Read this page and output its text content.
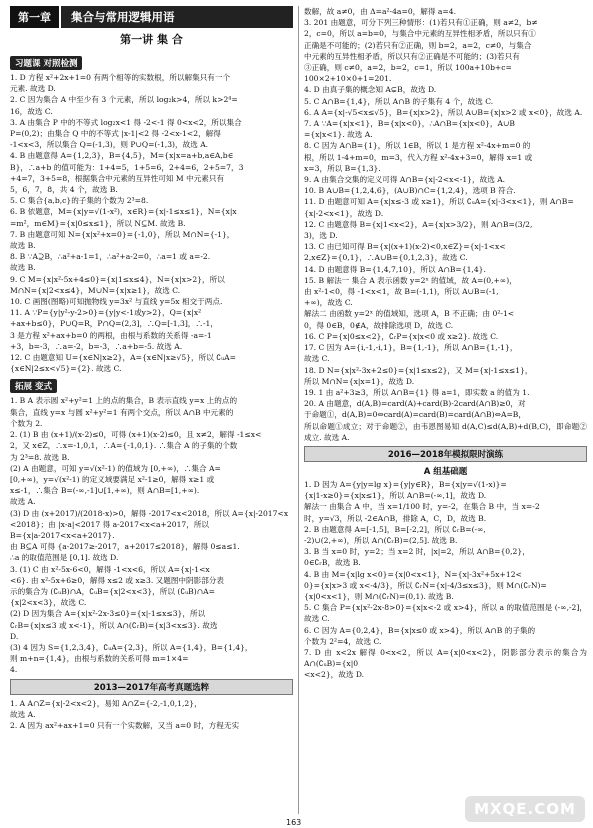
第一章	集合与常用逻辑用语
第一讲 集 合
习题课 对照检测

1. D 方程 x²+2x+1=0 有两个相等的实数根，所以解集只有一个

元素. 故选 D.

2. C 因为集合 A 中至少有 3 个元素，所以 log₂k>4，所以 k>2⁴=

16，故选 C.

3. A 由集合 P 中的不等式 log₂x<1 得 -2<-1 得 0<x<2，所以集合

P=(0,2)；由集合 Q 中的不等式 |x-1|<2 得 -2<x-1<2，解得

-1<x<3，所以集合 Q=(-1,3)，则 P∪Q=(-1,3)，故选 A.

4. B 由题意得 A={1,2,3}，B={4,5}，M={x|x=a+b,a∈A,b∈

B}，∴a+b 的值可能为：1+4=5，1+5=6，2+4=6，2+5=7，3

+4=7，3+5=8，根据集合中元素的互异性可知 M 中元素只有

5，6，7，8，共 4 个，故选 B.

5. C 集合{a,b,c}的子集的个数为 2³=8.

6. B 依题意，M={x|y=√(1-x²)，x∈R}={x|-1≤x≤1}，N={x|x

=m²，m∈M}={x|0≤x≤1}，所以 N⊆M. 故选 B.

7. B 由题意可知 N={x|x²+x=0}={-1,0}，所以 M∩N={-1}，

故选 B.

8. B ∵A⊇B，∴a²+a-1=1，∴a²+a-2=0，∴a=1 或 a=-2.

故选 B.

9. C M={x|x²-5x+4≤0}={x|1≤x≤4}，N={x|x>2}，所以

M∩N={x|2<x≤4}，M∪N={x|x≥1}，故选 C.

10. C 画图(图略)可知抛物线 y=3x² 与直线 y=5x 相交于两点.

11. A ∵P={y|y²-y-2>0}={y|y<-1或y>2}，Q={x|x²

+ax+b≤0}，P∪Q=R，P∩Q=(2,3]，∴Q=[-1,3]，∴-1，

3 是方程 x²+ax+b=0 的两根，由根与系数的关系得 -a=-1

+3，b=-3，∴a=-2，b=-3，∴a+b=-5. 故选 A.

12. C 由题意知 U={x∈N|x≥2}，A={x∈N|x≥√5}，所以 ∁ᵤA=

{x∈N|2≤x<√5}={2}. 故选 C.

拓展 变式

1. B A 表示圆 x²+y²=1 上的点的集合，B 表示直线 y=x 上的点的

集合，直线 y=x 与圆 x²+y²=1 有两个交点，所以 A∩B 中元素的

个数为 2.

2. (1) B 由 (x+1)/(x-2)≤0，可得 (x+1)(x-2)≤0，且 x≠2，解得 -1≤x<

2，又 x∈Z，∴x=-1,0,1，∴A={-1,0,1}. ∴集合 A 的子集的个数

为 2³=8. 故选 B.

(2) A 由题意，可知 y=√(x²-1) 的值域为 [0,+∞)，∴集合 A=

[0,+∞)，y=√(x²-1) 的定义域要满足 x²-1≥0，解得 x≥1 或

x≤-1，∴集合 B=(-∞,-1]∪[1,+∞)，则 A∩B=[1,+∞).

故选 A.

(3) D 由 (x+2017)/(2018-x)>0，解得 -2017<x<2018，所以 A={x|-2017<x

<2018}；由 |x-a|<2017 得 a-2017<x<a+2017，所以

B={x|a-2017<x<a+2017}.

由 B⊆A 可得 {a-2017≥-2017，a+2017≤2018}，解得 0≤a≤1.

∴a 的取值范围是 [0,1]. 故选 D.

3. (1) C 由 x²-5x-6<0，解得 -1<x<6，所以 A={x|-1<x

<6}. 由 x²-5x+6≥0，解得 x≤2 或 x≥3. 又题图中阴影部分表

示的集合为 (∁ᵤB)∩A，∁ᵤB={x|2<x<3}，所以 (∁ᵤB)∩A=

{x|2<x<3}，故选 C.

(2) D 因为集合 A={x|x²-2x-3≤0}={x|-1≤x≤3}，所以

∁ᵣB={x|x≤3 或 x<-1}，所以 A∩(∁ᵣB)={x|3<x≤3}. 故选

D.

(3) 4 因为 S={1,2,3,4}，∁ᵤA={2,3}，所以 A={1,4}，B={1,4}，

则 m+n={1,4}，由根与系数的关系可得 m=1×4=

4.

2013—2017年高考真题选粹

1. A A∩Z={x|-2<x<2}，易知 A∩Z={-2,-1,0,1,2}，

故选 A.

2. A 因为 ax²+ax+1=0 只有一个实数解，又当 a=0 时，方程无实

数解，故 a≠0，由 Δ=a²-4a=0，解得 a=4.

3. 201 由题意，可分下列三种情形：(1)若只有①正确，则 a≠2，b≠

2，c=0，所以 a=b=0，与集合中元素的互异性相矛盾，所以只有①

正确是不可能的；(2)若只有②正确，则 b=2，a=2，c≠0，与集合

中元素的互异性相矛盾，所以只有②正确是不可能的；(3)若只有

③正确，则 c≠0，a=2，b=2，c=1，所以 100a+10b+c=

100×2+10×0+1=201.

4. D 由真子集的概念知 A⊊B，故选 D.

5. C A∩B={1,4}，所以 A∩B 的子集有 4 个，故选 C.

6. A A={x|-√5<x≤√5}，B={x|x>2}，所以 A∪B={x|x>2 或 x<0}，故选 A.

7. A ∵A={x|x<1}，B={x|x<0}，∴A∩B={x|x<0}，A∪B

={x|x<1}. 故选 A.

8. C 因为 A∩B={1}，所以 1∈B，所以 1 是方程 x²-4x+m=0 的

根，所以 1-4+m=0，m=3，代入方程 x²-4x+3=0，解得 x=1 或

x=3，所以 B={1,3}.

9. A 由集合交集的定义可得 A∩B={x|-2<x<-1}，故选 A.

10. B A∪B={1,2,4,6}，(A∪B)∩C={1,2,4}，选项 B 符合.

11. D 由题意可知 A={x|x≤-3 或 x≥1}，所以 ∁ᵤA={x|-3<x<1}，则 A∩B=

{x|-2<x<1}，故选 D.

12. C 由题意得 B={x|1<x<2}，A={x|x>3/2}，则 A∩B=(3/2,

3)，选 D.

13. C 由已知可得 B={x|(x+1)(x-2)<0,x∈Z}={x|-1<x<

2,x∈Z}={0,1}，∴A∪B={0,1,2,3}，故选 C.

14. D 由题意得 B={1,4,7,10}，所以 A∩B={1,4}.

15. B 解法一 集合 A 表示函数 y=2ˣ 的值域，故 A=(0,+∞)，

由 x²-1<0，得 -1<x<1，故 B=(-1,1)，所以 A∪B=(-1,

+∞)，故选 C.

解法二 由函数 y=2ˣ 的值域知，选项 A，B 不正确；由 0²-1<

0，得 0∈B，0∉A，故排除选项 D，故选 C.

16. C P={x|0≤x<2}，∁ᵣP={x|x<0 或 x≥2}. 故选 C.

17. C 因为 A={i,-1,-i,1}，B={1,-1}，所以 A∩B={1,-1}，

故选 C.

18. D N={x|x²-3x+2≤0}={x|1≤x≤2}，又 M={x|-1≤x≤1}，

所以 M∩N={x|x=1}，故选 D.

19. 1 由 a²+3≥3，所以 A∩B={1} 得 a=1，即实数 a 的值为 1.

20. A 由题意，d(A,B)=card(A)+card(B)-2card(A∩B)≥0，对

于命题①，d(A,B)=0⇔card(A)=card(B)=card(A∩B)⇔A=B，

所以命题①成立；对于命题②，由韦恩图易知 d(A,C)≤d(A,B)+d(B,C)，即命题②成立. 故选 A.

2016—2018年模拟限时演练
A 组基础题

1. D 因为 A={y|y=lg x}={y|y∈R}，B={x|y=√(1-x)}=

{x|1-x≥0}={x|x≤1}，所以 A∩B=(-∞,1]，故选 D.

解法一 由集合 A 中，当 x=1/100 时，y=-2，在集合 B 中，当 x=-2

时，y=√3，所以 -2∈A∩B，排除 A，C，D，故选 B.

2. B 由题意得 A=[-1,5]，B=[-2,2]，所以 ∁ᵣB=(-∞,

-2)∪(2,+∞)，所以 A∩(∁ᵣB)=(2,5]. 故选 B.

3. B 当 x=0 时，y=2；当 x=2 时，|x|=2，所以 A∩B={0,2}，

0∈∁ᵣB，故选 B.

4. B 由 M={x|lg x<0}={x|0<x<1}，N={x|-3x²+5x+12<

0}={x|x>3 或 x<-4/3}，所以 ∁ᵣN={x|-4/3≤x≤3}，则 M∩(∁ᵣN)=

{x|0<x<1}，则 M∩(∁ᵣN)=(0,1). 故选 B.

5. C 集合 P={x|x²-2x-8>0}={x|x<-2 或 x>4}，所以 a 的取值范围是 (-∞,-2]，故选 C.

6. C 因为 A={0,2,4}，B={x|x≤0 或 x>4}，所以 A∩B 的子集的

个数为 2²=4，故选 C.

7. D 由 x<2x 解得 0<x<2，所以 A={x|0<x<2}，阴影部分表示的集合为 A∩(∁ᵤB)={x|0

<x<2}，故选 D.

163
MXQE.COM
